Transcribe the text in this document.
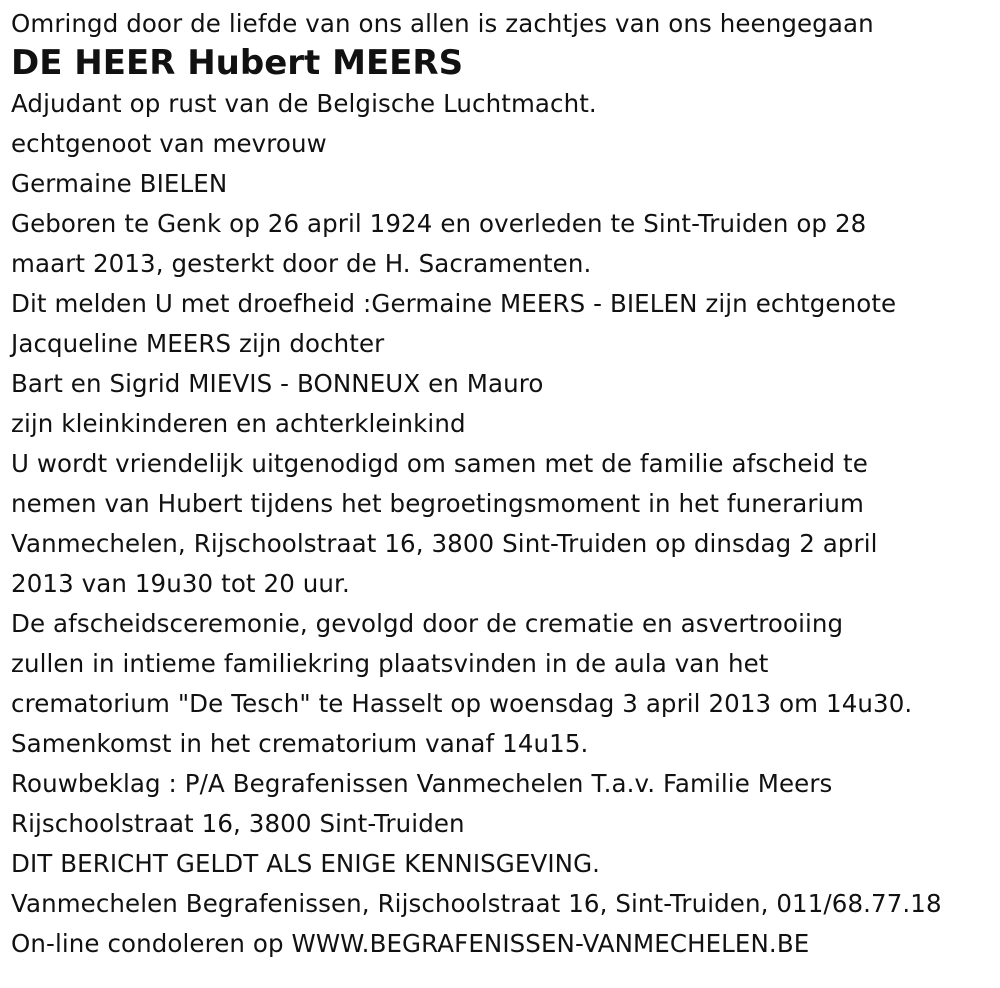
Omringd door de liefde van ons allen is zachtjes van ons heengegaan
DE HEER Hubert MEERS
Adjudant op rust van de Belgische Luchtmacht.
echtgenoot van mevrouw
Germaine BIELEN
Geboren te Genk op 26 april 1924 en overleden te Sint-Truiden op 28
maart 2013, gesterkt door de H. Sacramenten.
Dit melden U met droefheid :Germaine MEERS - BIELEN zijn echtgenote
Jacqueline MEERS zijn dochter
Bart en Sigrid MIEVIS - BONNEUX en Mauro
zijn kleinkinderen en achterkleinkind
U wordt vriendelijk uitgenodigd om samen met de familie afscheid te
nemen van Hubert tijdens het begroetingsmoment in het funerarium
Vanmechelen, Rijschoolstraat 16, 3800 Sint-Truiden op dinsdag 2 april
2013 van 19u30 tot 20 uur.
De afscheidsceremonie, gevolgd door de crematie en asvertrooiing
zullen in intieme familiekring plaatsvinden in de aula van het
crematorium "De Tesch" te Hasselt op woensdag 3 april 2013 om 14u30.
Samenkomst in het crematorium vanaf 14u15.
Rouwbeklag : P/A Begrafenissen Vanmechelen T.a.v. Familie Meers
Rijschoolstraat 16, 3800 Sint-Truiden
DIT BERICHT GELDT ALS ENIGE KENNISGEVING.
Vanmechelen Begrafenissen, Rijschoolstraat 16, Sint-Truiden, 011/68.77.18
On-line condoleren op WWW.BEGRAFENISSEN-VANMECHELEN.BE
